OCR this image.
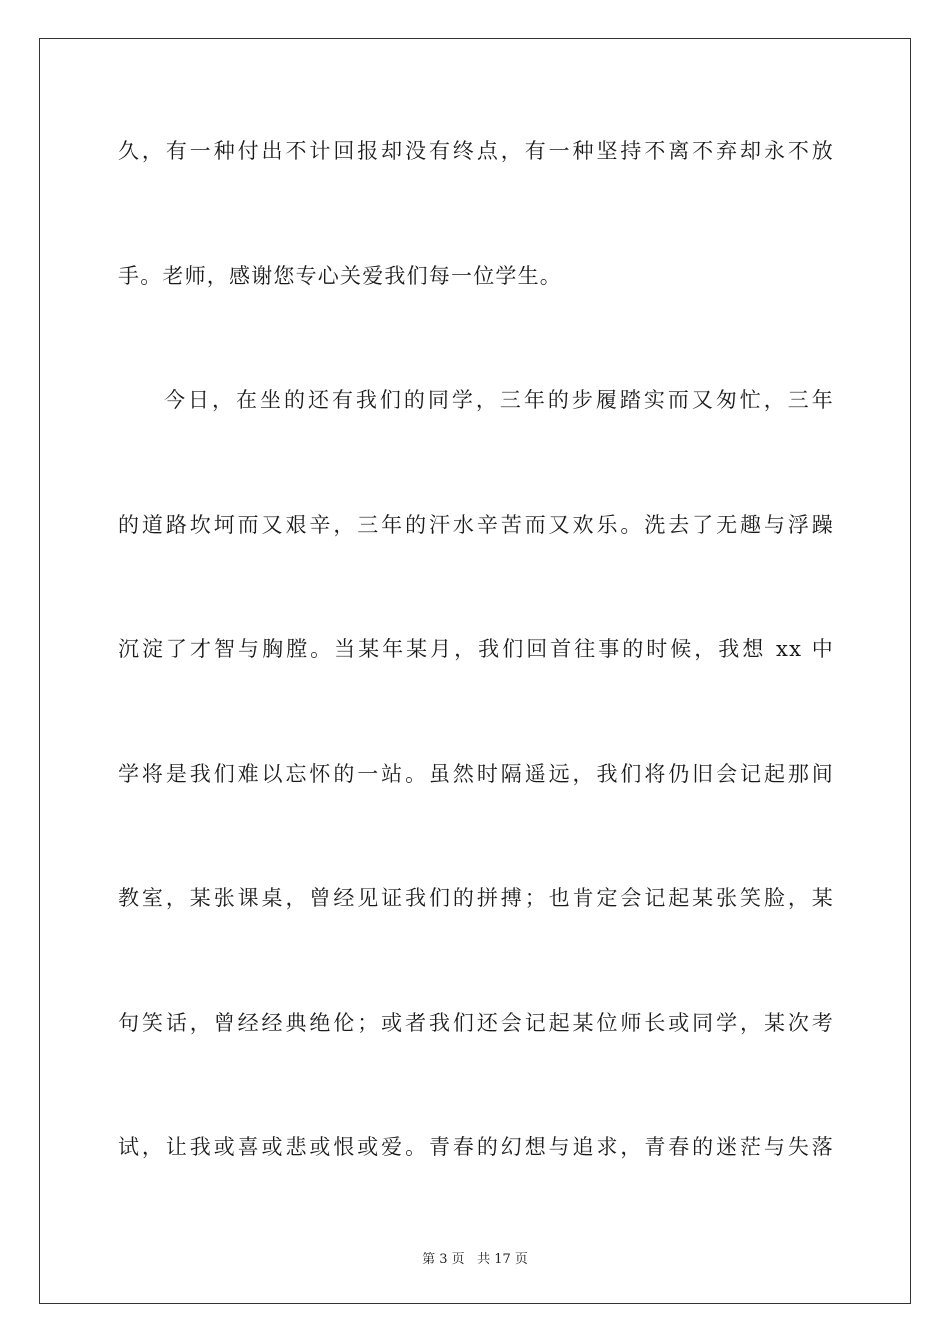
久，有一种付出不计回报却没有终点，有一种坚持不离不弃却永不放

手。老师，感谢您专心关爱我们每一位学生。

今日，在坐的还有我们的同学，三年的步履踏实而又匆忙，三年

的道路坎坷而又艰辛，三年的汗水辛苦而又欢乐。洗去了无趣与浮躁

沉淀了才智与胸膛。当某年某月，我们回首往事的时候，我想 xx 中

学将是我们难以忘怀的一站。虽然时隔遥远，我们将仍旧会记起那间

教室，某张课桌，曾经见证我们的拼搏；也肯定会记起某张笑脸，某

句笑话，曾经经典绝伦；或者我们还会记起某位师长或同学，某次考

试，让我或喜或悲或恨或爱。青春的幻想与追求，青春的迷茫与失落

第 3 页 共 17 页
